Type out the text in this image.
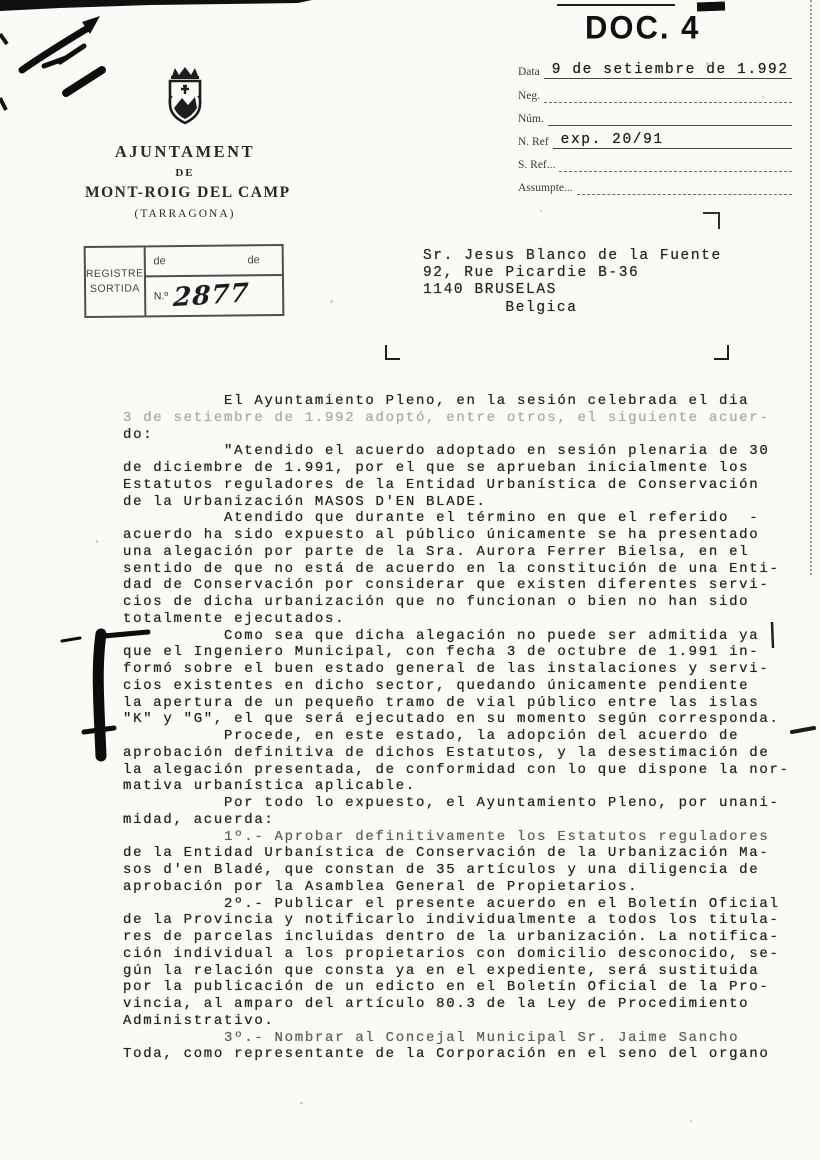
DOC. 4
Data 9 de setiembre de 1.992
Neg.
Núm.
N. Ref exp. 20/91
S. Ref...
Assumpte...
AJUNTAMENT
DE
MONT-ROIG DEL CAMP
(TARRAGONA)
REGISTRE
SORTIDA
de	de
N.º 2877
Sr. Jesus Blanco de la Fuente
92, Rue Picardie B-36
1140 BRUSELAS
Belgica
El Ayuntamiento Pleno, en la sesión celebrada el dia
3 de setiembre de 1.992 adoptó, entre otros, el siguiente acuer-
do:
"Atendido el acuerdo adoptado en sesión plenaria de 30
de diciembre de 1.991, por el que se aprueban inicialmente los
Estatutos reguladores de la Entidad Urbanística de Conservación
de la Urbanización MASOS D'EN BLADE.
Atendido que durante el término en que el referido  -
acuerdo ha sido expuesto al público únicamente se ha presentado
una alegación por parte de la Sra. Aurora Ferrer Bielsa, en el
sentido de que no está de acuerdo en la constitución de una Enti-
dad de Conservación por considerar que existen diferentes servi-
cios de dicha urbanización que no funcionan o bien no han sido
totalmente ejecutados.
Como sea que dicha alegación no puede ser admitida ya
que el Ingeniero Municipal, con fecha 3 de octubre de 1.991 in-
formó sobre el buen estado general de las instalaciones y servi-
cios existentes en dicho sector, quedando únicamente pendiente
la apertura de un pequeño tramo de vial público entre las islas
"K" y "G", el que será ejecutado en su momento según corresponda.
Procede, en este estado, la adopción del acuerdo de
aprobación definitiva de dichos Estatutos, y la desestimación de
la alegación presentada, de conformidad con lo que dispone la nor-
mativa urbanística aplicable.
Por todo lo expuesto, el Ayuntamiento Pleno, por unani-
midad, acuerda:
1º.- Aprobar definitivamente los Estatutos reguladores
de la Entidad Urbanística de Conservación de la Urbanización Ma-
sos d'en Bladé, que constan de 35 artículos y una diligencia de
aprobación por la Asamblea General de Propietarios.
2º.- Publicar el presente acuerdo en el Boletín Oficial
de la Provincia y notificarlo individualmente a todos los titula-
res de parcelas incluidas dentro de la urbanización. La notifica-
ción individual a los propietarios con domicilio desconocido, se-
gún la relación que consta ya en el expediente, será sustituida
por la publicación de un edicto en el Boletín Oficial de la Pro-
vincia, al amparo del artículo 80.3 de la Ley de Procedimiento
Administrativo.
3º.- Nombrar al Concejal Municipal Sr. Jaime Sancho
Toda, como representante de la Corporación en el seno del organo
